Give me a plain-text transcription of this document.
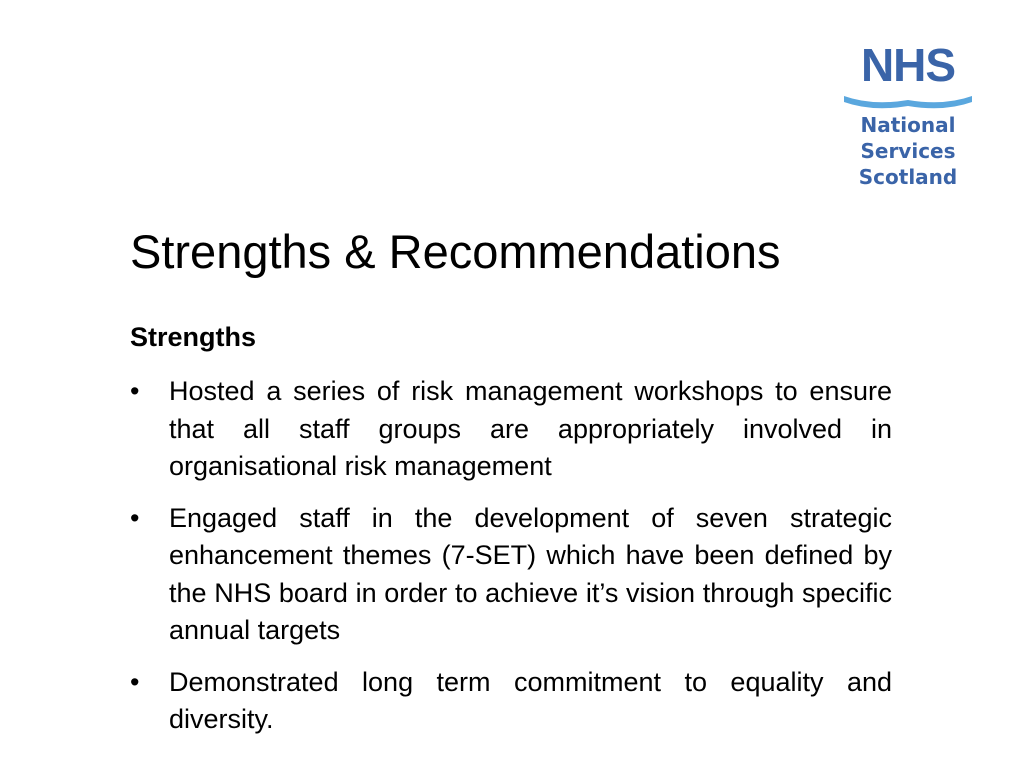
NHS
National
Services
Scotland
Strengths & Recommendations
Strengths
• Hosted a series of risk management workshops to ensure that all staff groups are appropriately involved in organisational risk management
• Engaged staff in the development of seven strategic enhancement themes (7-SET) which have been defined by the NHS board in order to achieve it’s vision through specific annual targets
• Demonstrated long term commitment to equality and diversity.
